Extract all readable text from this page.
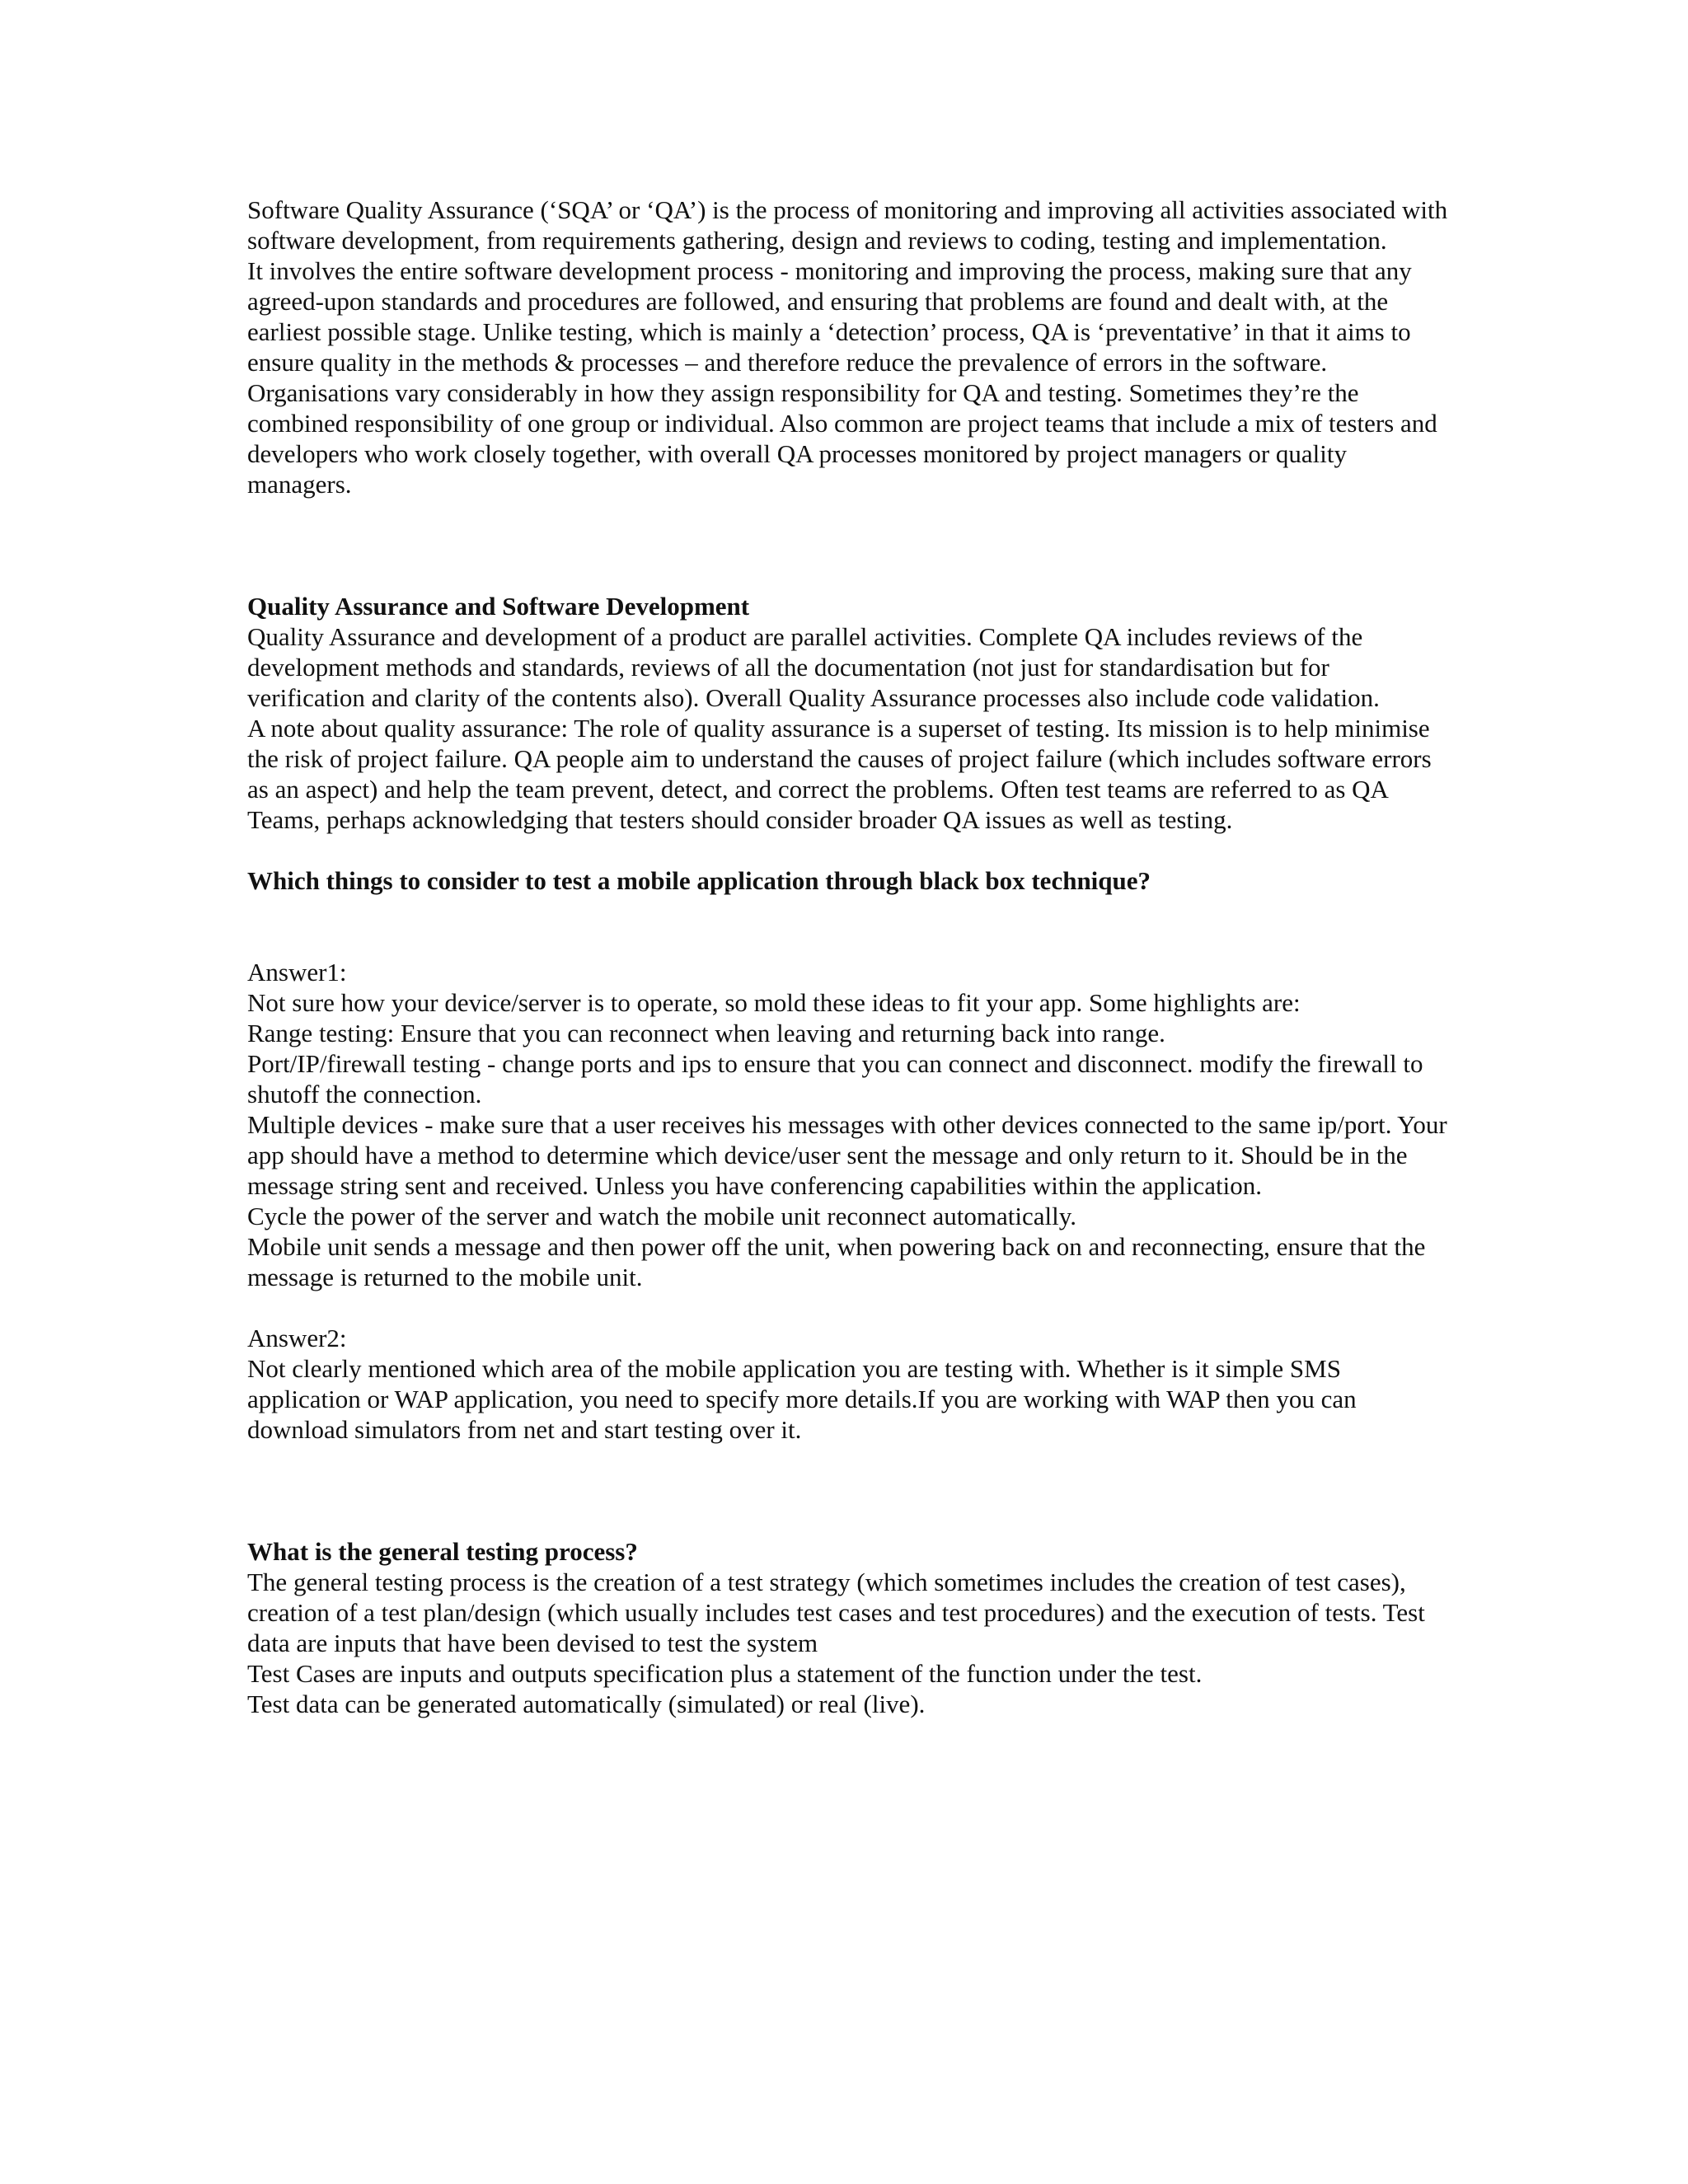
Software Quality Assurance (‘SQA’ or ‘QA’) is the process of monitoring and improving all activities associated with software development, from requirements gathering, design and reviews to coding, testing and implementation.

It involves the entire software development process - monitoring and improving the process, making sure that any agreed-upon standards and procedures are followed, and ensuring that problems are found and dealt with, at the earliest possible stage. Unlike testing, which is mainly a ‘detection’ process, QA is ‘preventative’ in that it aims to ensure quality in the methods & processes – and therefore reduce the prevalence of errors in the software.

Organisations vary considerably in how they assign responsibility for QA and testing. Sometimes they’re the combined responsibility of one group or individual. Also common are project teams that include a mix of testers and developers who work closely together, with overall QA processes monitored by project managers or quality managers.

Quality Assurance and Software Development

Quality Assurance and development of a product are parallel activities. Complete QA includes reviews of the development methods and standards, reviews of all the documentation (not just for standardisation but for verification and clarity of the contents also). Overall Quality Assurance processes also include code validation.

A note about quality assurance: The role of quality assurance is a superset of testing. Its mission is to help minimise the risk of project failure. QA people aim to understand the causes of project failure (which includes software errors as an aspect) and help the team prevent, detect, and correct the problems. Often test teams are referred to as QA Teams, perhaps acknowledging that testers should consider broader QA issues as well as testing.

Which things to consider to test a mobile application through black box technique?

Answer1:

Not sure how your device/server is to operate, so mold these ideas to fit your app. Some highlights are:

Range testing: Ensure that you can reconnect when leaving and returning back into range.

Port/IP/firewall testing - change ports and ips to ensure that you can connect and disconnect. modify the firewall to shutoff the connection.

Multiple devices - make sure that a user receives his messages with other devices connected to the same ip/port. Your app should have a method to determine which device/user sent the message and only return to it. Should be in the message string sent and received. Unless you have conferencing capabilities within the application.

Cycle the power of the server and watch the mobile unit reconnect automatically.

Mobile unit sends a message and then power off the unit, when powering back on and reconnecting, ensure that the message is returned to the mobile unit.

Answer2:

Not clearly mentioned which area of the mobile application you are testing with. Whether is it simple SMS application or WAP application, you need to specify more details.If you are working with WAP then you can download simulators from net and start testing over it.

What is the general testing process?

The general testing process is the creation of a test strategy (which sometimes includes the creation of test cases), creation of a test plan/design (which usually includes test cases and test procedures) and the execution of tests. Test data are inputs that have been devised to test the system

Test Cases are inputs and outputs specification plus a statement of the function under the test.

Test data can be generated automatically (simulated) or real (live).
